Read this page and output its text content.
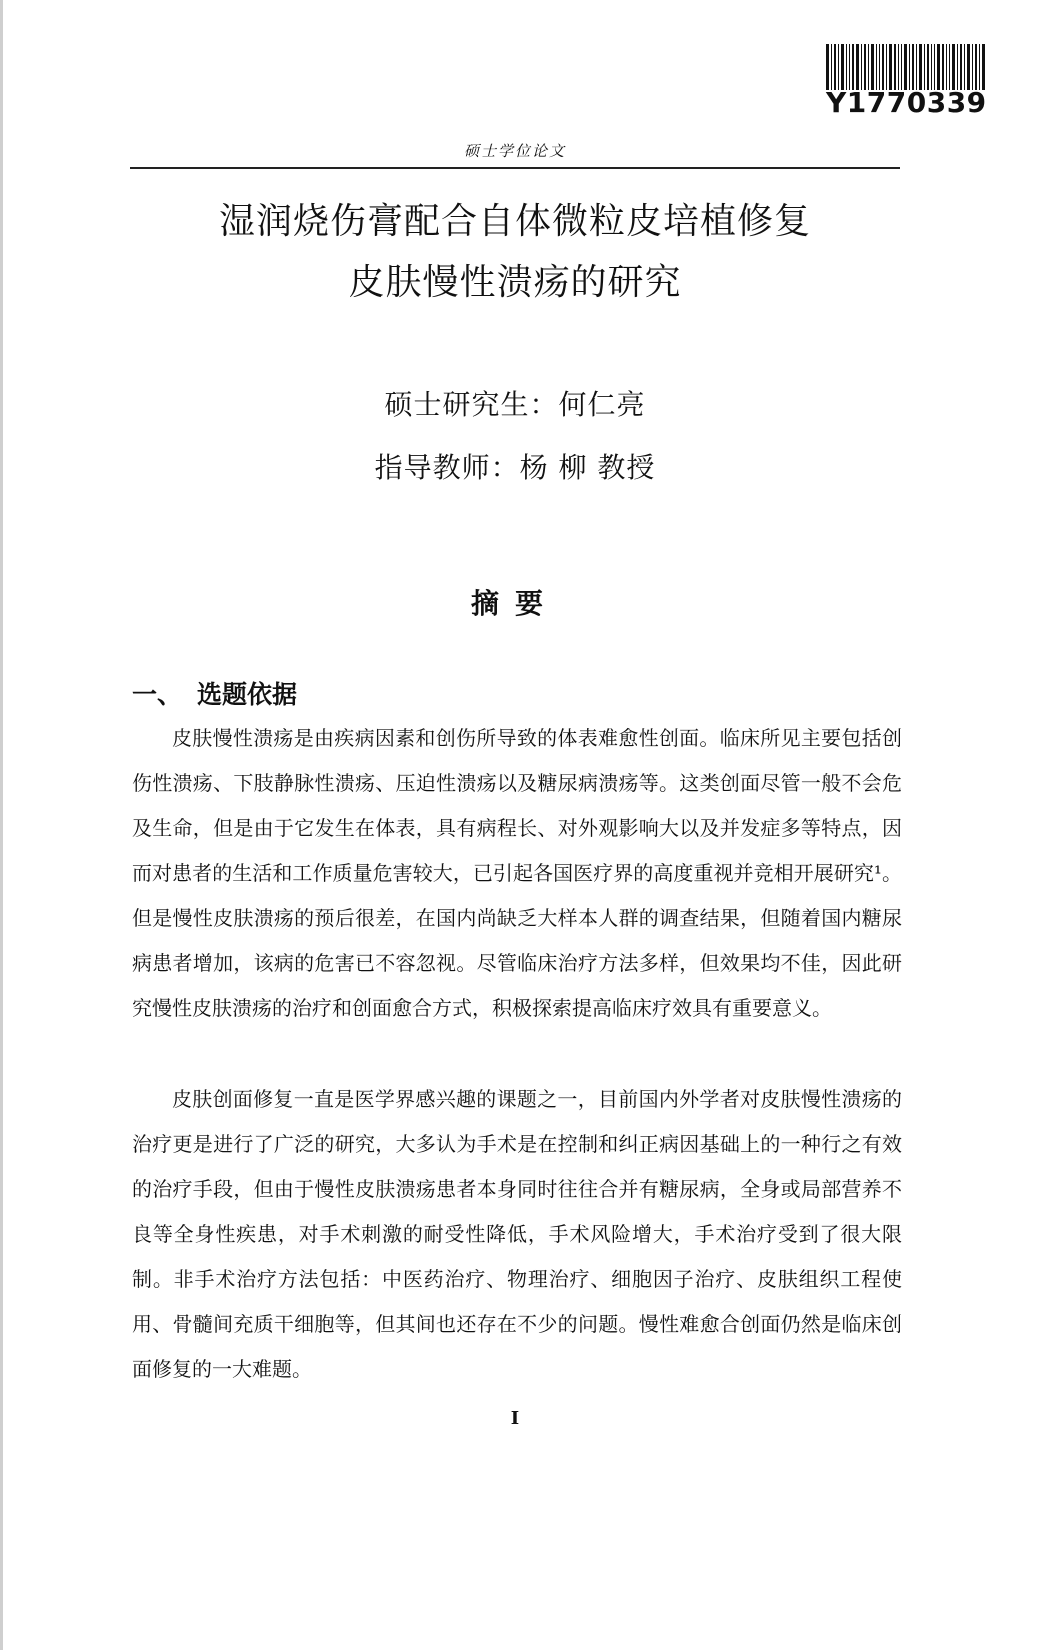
Y1770339
硕士学位论文
湿润烧伤膏配合自体微粒皮培植修复
皮肤慢性溃疡的研究
硕士研究生：何仁亮
指导教师：杨 柳 教授
摘要
一、 选题依据

皮肤慢性溃疡是由疾病因素和创伤所导致的体表难愈性创面。临床所见主要包括创伤性溃疡、下肢静脉性溃疡、压迫性溃疡以及糖尿病溃疡等。这类创面尽管一般不会危及生命，但是由于它发生在体表，具有病程长、对外观影响大以及并发症多等特点，因而对患者的生活和工作质量危害较大，已引起各国医疗界的高度重视并竞相开展研究¹。但是慢性皮肤溃疡的预后很差，在国内尚缺乏大样本人群的调查结果，但随着国内糖尿病患者增加，该病的危害已不容忽视。尽管临床治疗方法多样，但效果均不佳，因此研究慢性皮肤溃疡的治疗和创面愈合方式，积极探索提高临床疗效具有重要意义。

皮肤创面修复一直是医学界感兴趣的课题之一，目前国内外学者对皮肤慢性溃疡的治疗更是进行了广泛的研究，大多认为手术是在控制和纠正病因基础上的一种行之有效的治疗手段，但由于慢性皮肤溃疡患者本身同时往往合并有糖尿病，全身或局部营养不良等全身性疾患，对手术刺激的耐受性降低，手术风险增大，手术治疗受到了很大限制。非手术治疗方法包括：中医药治疗、物理治疗、细胞因子治疗、皮肤组织工程使用、骨髓间充质干细胞等，但其间也还存在不少的问题。慢性难愈合创面仍然是临床创面修复的一大难题。

I
